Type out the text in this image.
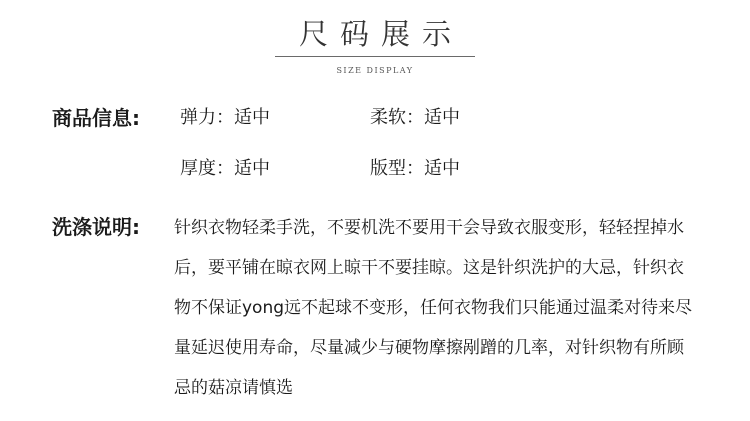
尺码展示
SIZE DISPLAY
商品信息: 弹力：适中	柔软：适中
厚度：适中	版型：适中
洗涤说明: 针织衣物轻柔手洗，不要机洗不要用干会导致衣服变形，轻轻捏掉水后，要平铺在晾衣网上晾干不要挂晾。这是针织洗护的大忌，针织衣物不保证yong远不起球不变形，任何衣物我们只能通过温柔对待来尽量延迟使用寿命，尽量减少与硬物摩擦剐蹭的几率，对针织物有所顾忌的菇凉请慎选
